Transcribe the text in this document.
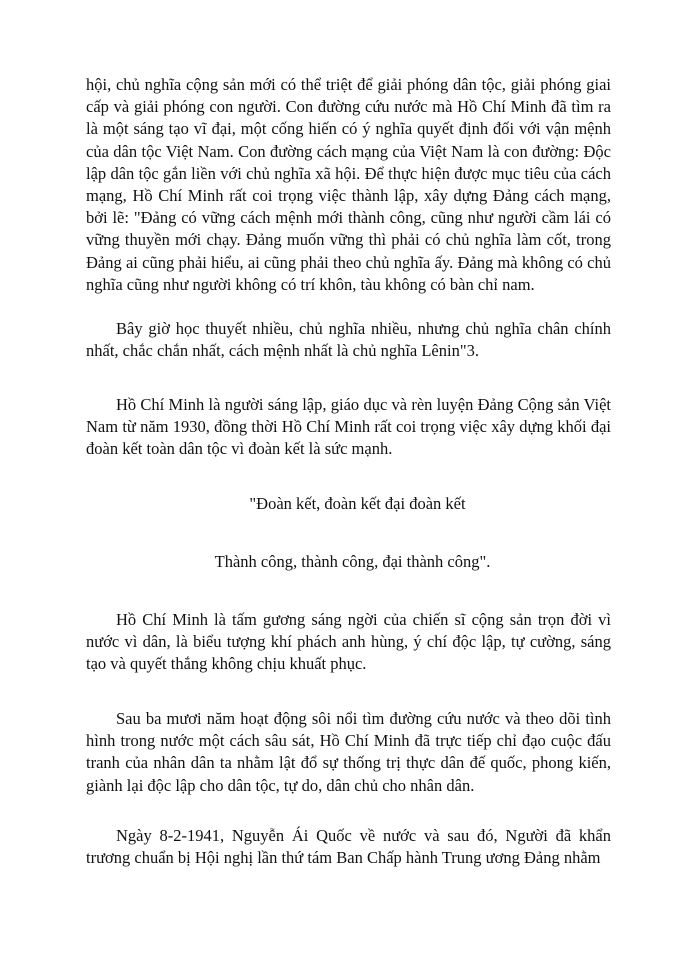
hội, chủ nghĩa cộng sản mới có thể triệt để giải phóng dân tộc, giải phóng giai cấp và giải phóng con người. Con đường cứu nước mà Hồ Chí Minh đã tìm ra là một sáng tạo vĩ đại, một cống hiến có ý nghĩa quyết định đối với vận mệnh của dân tộc Việt Nam. Con đường cách mạng của Việt Nam là con đường: Độc lập dân tộc gắn liền với chủ nghĩa xã hội. Để thực hiện được mục tiêu của cách mạng, Hồ Chí Minh rất coi trọng việc thành lập, xây dựng Đảng cách mạng, bởi lẽ: "Đảng có vững cách mệnh mới thành công, cũng như người cầm lái có vững thuyền mới chạy. Đảng muốn vững thì phải có chủ nghĩa làm cốt, trong Đảng ai cũng phải hiểu, ai cũng phải theo chủ nghĩa ấy. Đảng mà không có chủ nghĩa cũng như người không có trí khôn, tàu không có bàn chỉ nam.

Bây giờ học thuyết nhiều, chủ nghĩa nhiều, nhưng chủ nghĩa chân chính nhất, chắc chắn nhất, cách mệnh nhất là chủ nghĩa Lênin"3.

Hồ Chí Minh là người sáng lập, giáo dục và rèn luyện Đảng Cộng sản Việt Nam từ năm 1930, đồng thời Hồ Chí Minh rất coi trọng việc xây dựng khối đại đoàn kết toàn dân tộc vì đoàn kết là sức mạnh.

"Đoàn kết, đoàn kết đại đoàn kết

Thành công, thành công, đại thành công".

Hồ Chí Minh là tấm gương sáng ngời của chiến sĩ cộng sản trọn đời vì nước vì dân, là biểu tượng khí phách anh hùng, ý chí độc lập, tự cường, sáng tạo và quyết thắng không chịu khuất phục.

Sau ba mươi năm hoạt động sôi nổi tìm đường cứu nước và theo dõi tình hình trong nước một cách sâu sát, Hồ Chí Minh đã trực tiếp chỉ đạo cuộc đấu tranh của nhân dân ta nhằm lật đổ sự thống trị thực dân đế quốc, phong kiến, giành lại độc lập cho dân tộc, tự do, dân chủ cho nhân dân.

Ngày 8-2-1941, Nguyễn Ái Quốc về nước và sau đó, Người đã khẩn trương chuẩn bị Hội nghị lần thứ tám Ban Chấp hành Trung ương Đảng nhằm
